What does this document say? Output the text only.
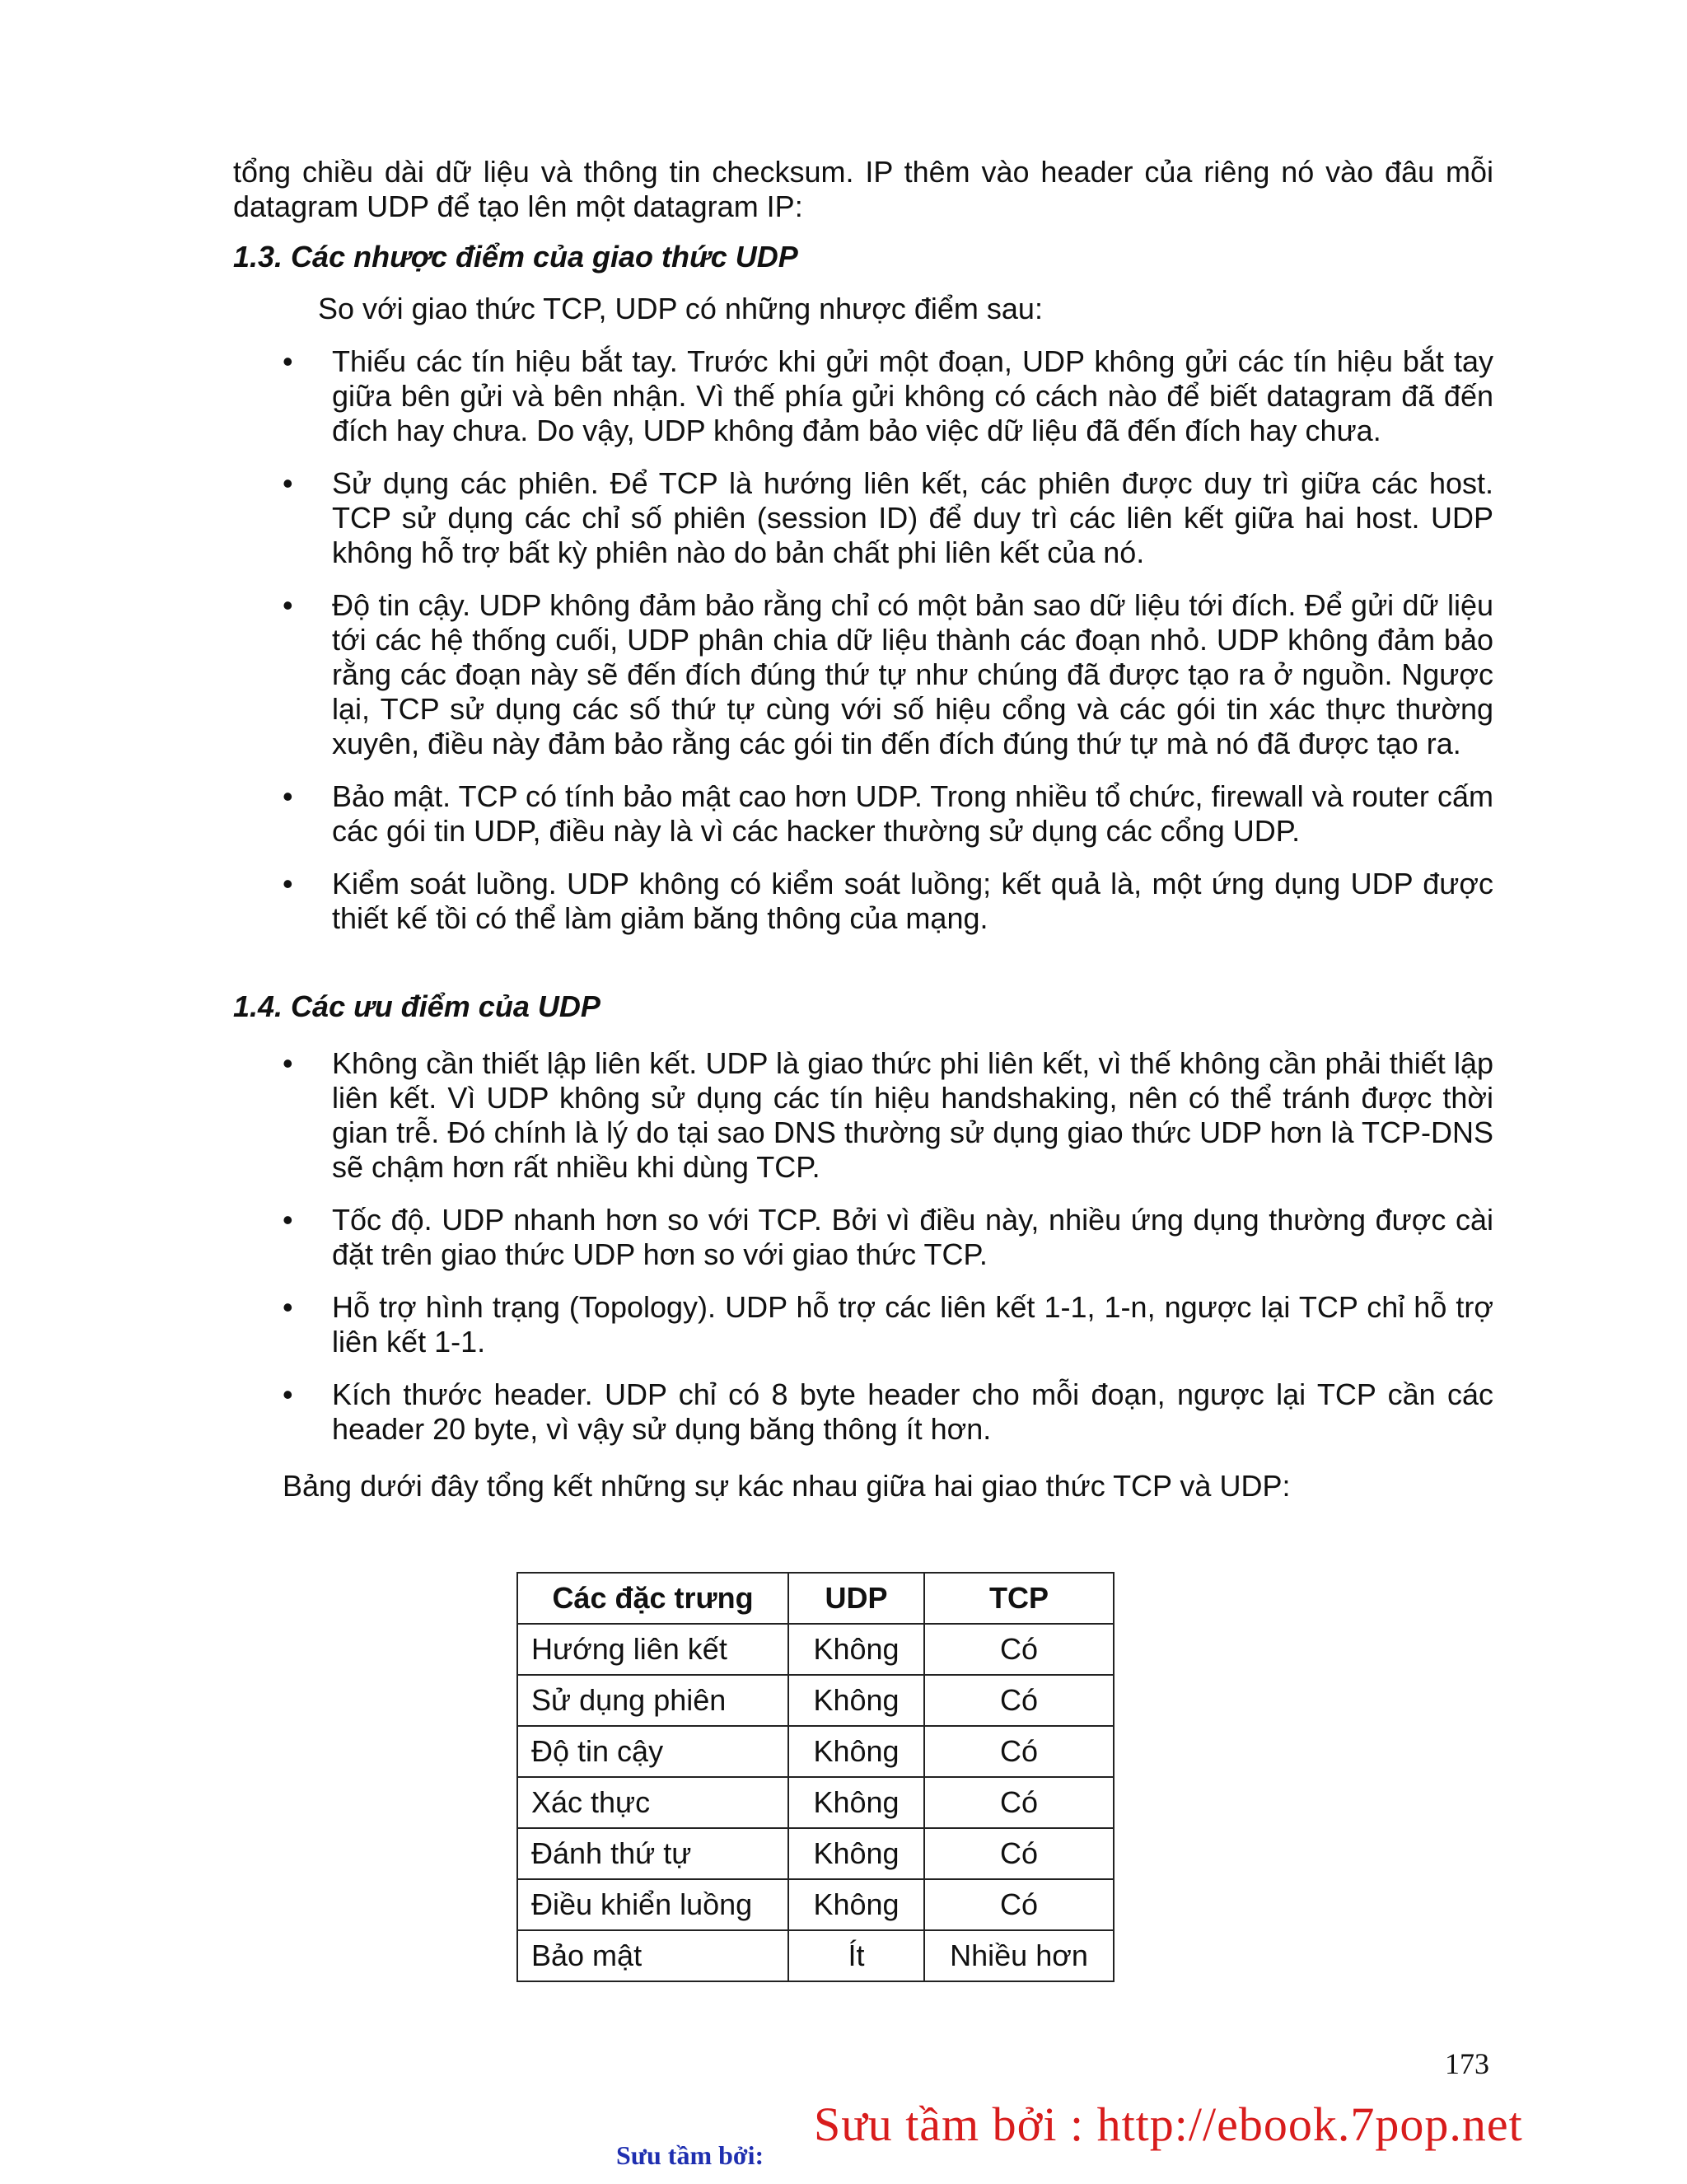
tổng chiều dài dữ liệu và thông tin checksum. IP thêm vào header của riêng nó vào đâu mỗi datagram UDP để tạo lên một datagram IP:

1.3. Các nhược điểm của giao thức UDP
So với giao thức TCP, UDP có những nhược điểm sau:
• Thiếu các tín hiệu bắt tay. Trước khi gửi một đoạn, UDP không gửi các tín hiệu bắt tay giữa bên gửi và bên nhận. Vì thế phía gửi không có cách nào để biết datagram đã đến đích hay chưa. Do vậy, UDP không đảm bảo việc dữ liệu đã đến đích hay chưa.
• Sử dụng các phiên. Để TCP là hướng liên kết, các phiên được duy trì giữa các host. TCP sử dụng các chỉ số phiên (session ID) để duy trì các liên kết giữa hai host. UDP không hỗ trợ bất kỳ phiên nào do bản chất phi liên kết của nó.
• Độ tin cậy. UDP không đảm bảo rằng chỉ có một bản sao dữ liệu tới đích. Để gửi dữ liệu tới các hệ thống cuối, UDP phân chia dữ liệu thành các đoạn nhỏ. UDP không đảm bảo rằng các đoạn này sẽ đến đích đúng thứ tự như chúng đã được tạo ra ở nguồn. Ngược lại, TCP sử dụng các số thứ tự cùng với số hiệu cổng và các gói tin xác thực thường xuyên, điều này đảm bảo rằng các gói tin đến đích đúng thứ tự mà nó đã được tạo ra.
• Bảo mật. TCP có tính bảo mật cao hơn UDP. Trong nhiều tổ chức, firewall và router cấm các gói tin UDP, điều này là vì các hacker thường sử dụng các cổng UDP.
• Kiểm soát luồng. UDP không có kiểm soát luồng; kết quả là, một ứng dụng UDP được thiết kế tồi có thể làm giảm băng thông của mạng.
1.4. Các ưu điểm của UDP
• Không cần thiết lập liên kết. UDP là giao thức phi liên kết, vì thế không cần phải thiết lập liên kết. Vì UDP không sử dụng các tín hiệu handshaking, nên có thể tránh được thời gian trễ. Đó chính là lý do tại sao DNS thường sử dụng giao thức UDP hơn là TCP-DNS sẽ chậm hơn rất nhiều khi dùng TCP.
• Tốc độ. UDP nhanh hơn so với TCP. Bởi vì điều này, nhiều ứng dụng thường được cài đặt trên giao thức UDP hơn so với giao thức TCP.
• Hỗ trợ hình trạng (Topology). UDP hỗ trợ các liên kết 1-1, 1-n, ngược lại TCP chỉ hỗ trợ liên kết 1-1.
• Kích thước header. UDP chỉ có 8 byte header cho mỗi đoạn, ngược lại TCP cần các header 20 byte, vì vậy sử dụng băng thông ít hơn.
Bảng dưới đây tổng kết những sự kác nhau giữa hai giao thức TCP và UDP:
Các đặc trưng	UDP	TCP
Hướng liên kết	Không	Có
Sử dụng phiên	Không	Có
Độ tin cậy	Không	Có
Xác thực	Không	Có
Đánh thứ tự	Không	Có
Điều khiển luồng	Không	Có
Bảo mật	Ít	Nhiều hơn
173
Sưu tầm bởi : http://ebook.7pop.net
Sưu tầm bởi:
